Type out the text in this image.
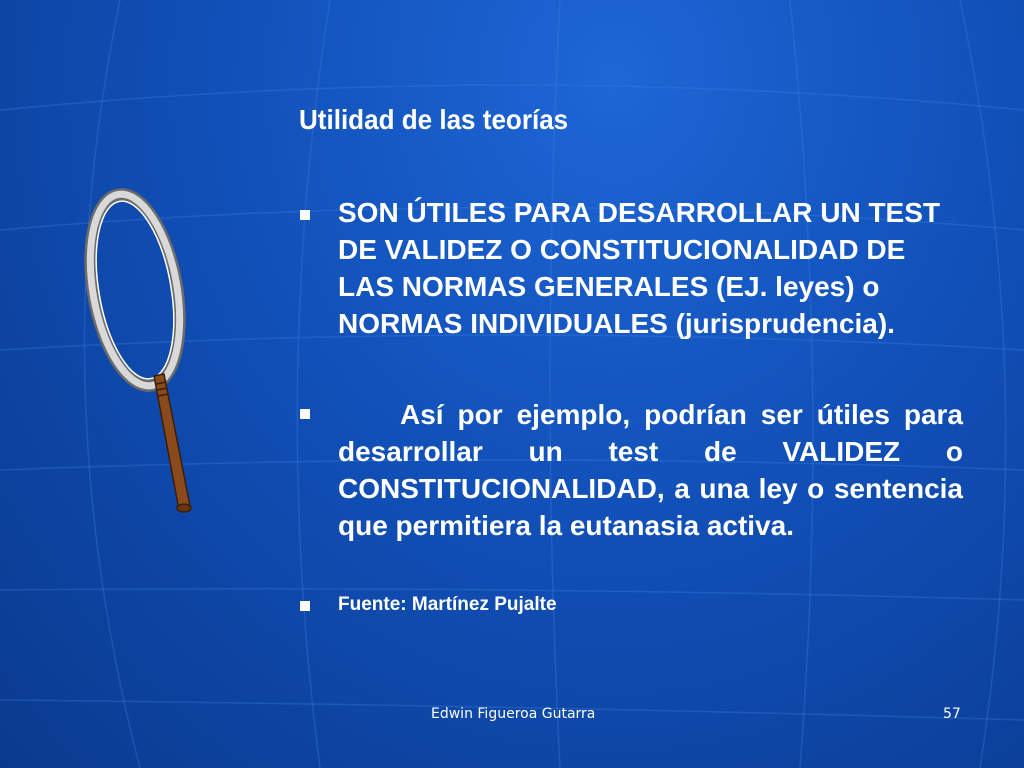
Utilidad de las teorías
SON ÚTILES PARA DESARROLLAR UN TEST DE VALIDEZ O CONSTITUCIONALIDAD DE LAS NORMAS GENERALES (EJ. leyes) o NORMAS INDIVIDUALES (jurisprudencia).
Así por ejemplo, podrían ser útiles para desarrollar un test de VALIDEZ o CONSTITUCIONALIDAD, a una ley o sentencia que permitiera la eutanasia activa.
Fuente: Martínez Pujalte
Edwin Figueroa Gutarra	57
